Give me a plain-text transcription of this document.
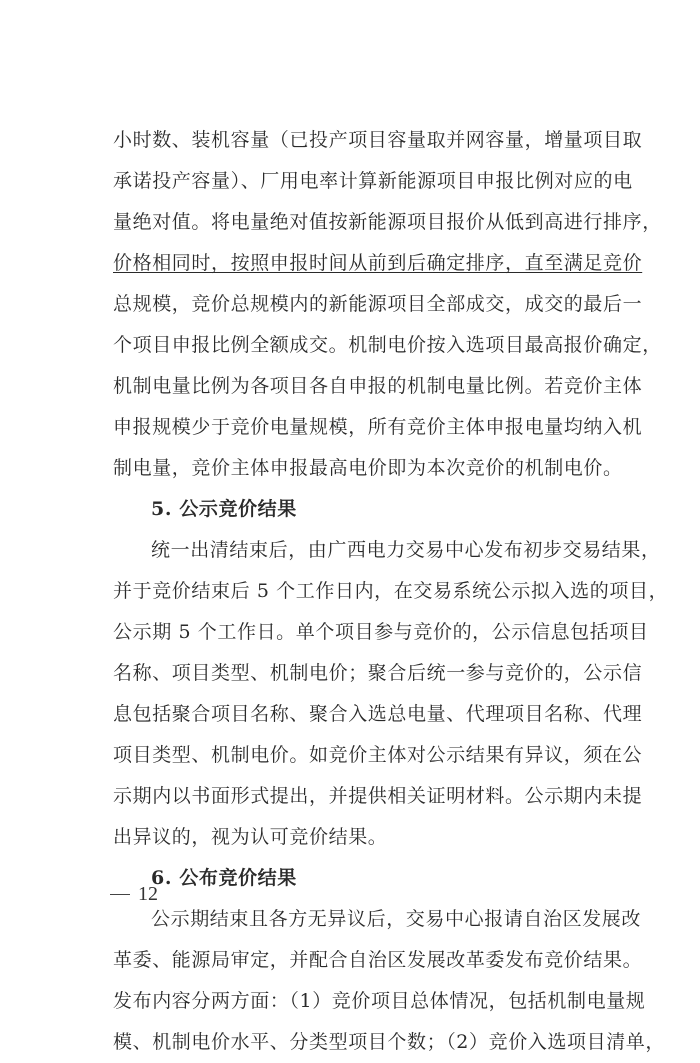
小时数、装机容量（已投产项目容量取并网容量，增量项目取
承诺投产容量）、厂用电率计算新能源项目申报比例对应的电
量绝对值。将电量绝对值按新能源项目报价从低到高进行排序，
价格相同时，按照申报时间从前到后确定排序，直至满足竞价
总规模，竞价总规模内的新能源项目全部成交，成交的最后一
个项目申报比例全额成交。机制电价按入选项目最高报价确定，
机制电量比例为各项目各自申报的机制电量比例。若竞价主体
申报规模少于竞价电量规模，所有竞价主体申报电量均纳入机
制电量，竞价主体申报最高电价即为本次竞价的机制电价。
5. 公示竞价结果
统一出清结束后，由广西电力交易中心发布初步交易结果，
并于竞价结束后 5 个工作日内，在交易系统公示拟入选的项目，
公示期 5 个工作日。单个项目参与竞价的，公示信息包括项目
名称、项目类型、机制电价；聚合后统一参与竞价的，公示信
息包括聚合项目名称、聚合入选总电量、代理项目名称、代理
项目类型、机制电价。如竞价主体对公示结果有异议，须在公
示期内以书面形式提出，并提供相关证明材料。公示期内未提
出异议的，视为认可竞价结果。
6. 公布竞价结果
公示期结束且各方无异议后，交易中心报请自治区发展改
革委、能源局审定，并配合自治区发展改革委发布竞价结果。
发布内容分两方面：（1）竞价项目总体情况，包括机制电量规
模、机制电价水平、分类型项目个数；（2）竞价入选项目清单，
12
